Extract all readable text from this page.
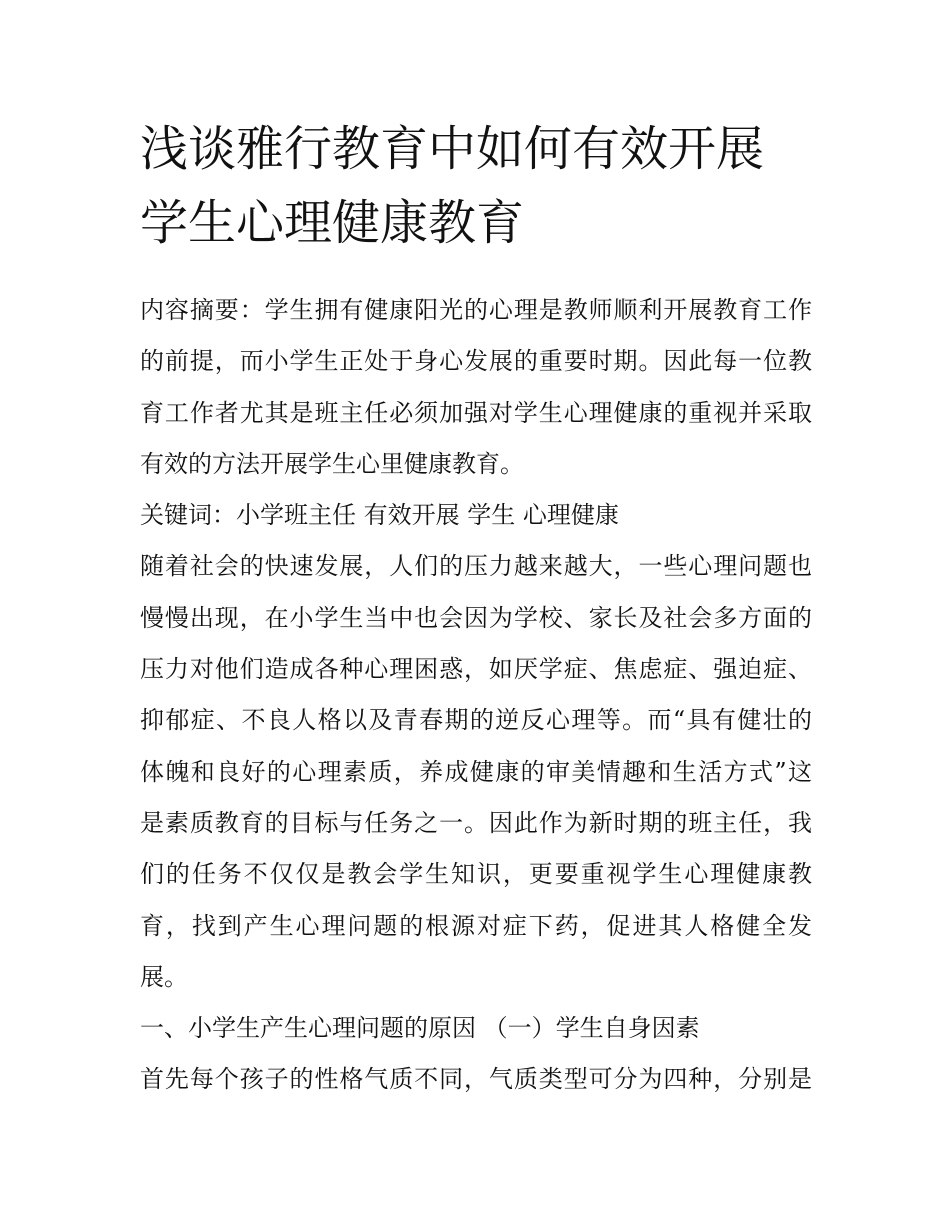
浅谈雅行教育中如何有效开展
学生心理健康教育
内容摘要：学生拥有健康阳光的心理是教师顺利开展教育工作
的前提，而小学生正处于身心发展的重要时期。因此每一位教
育工作者尤其是班主任必须加强对学生心理健康的重视并采取
有效的方法开展学生心里健康教育。
关键词：小学班主任 有效开展 学生 心理健康
随着社会的快速发展，人们的压力越来越大，一些心理问题也
慢慢出现，在小学生当中也会因为学校、家长及社会多方面的
压力对他们造成各种心理困惑，如厌学症、焦虑症、强迫症、
抑郁症、不良人格以及青春期的逆反心理等。而“具有健壮的
体魄和良好的心理素质，养成健康的审美情趣和生活方式”这
是素质教育的目标与任务之一。因此作为新时期的班主任，我
们的任务不仅仅是教会学生知识，更要重视学生心理健康教
育，找到产生心理问题的根源对症下药，促进其人格健全发
展。
一、小学生产生心理问题的原因 （一）学生自身因素
首先每个孩子的性格气质不同，气质类型可分为四种，分别是
